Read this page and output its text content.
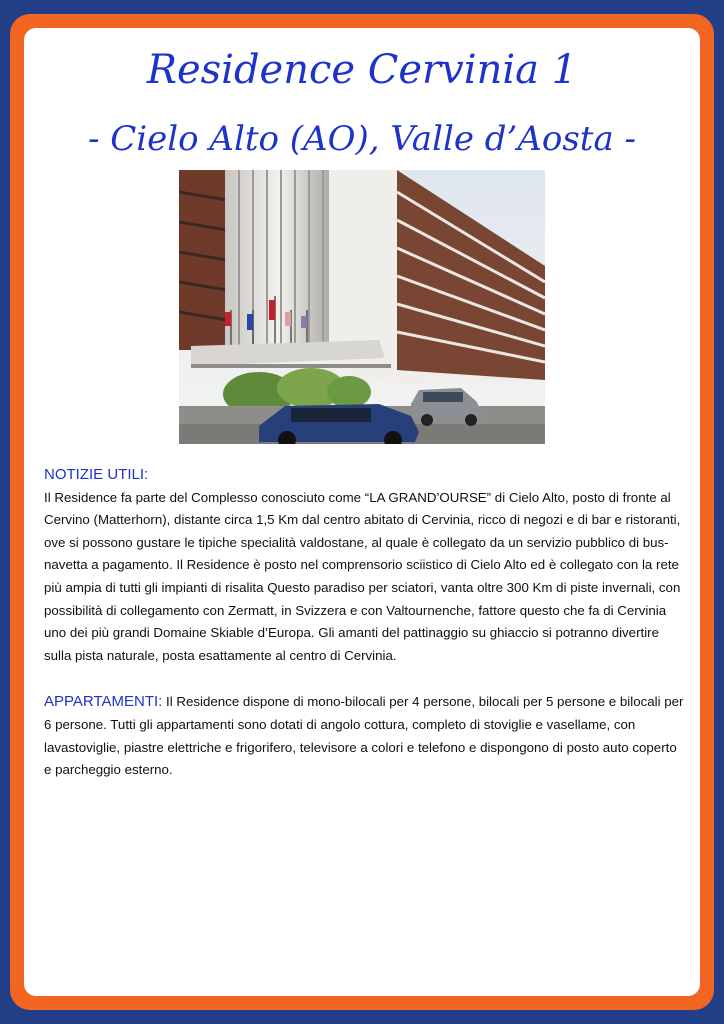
Residence Cervinia 1
- Cielo Alto (AO), Valle d’Aosta -

NOTIZIE UTILI:
Il Residence fa parte del Complesso conosciuto come “LA GRAND’OURSE” di Cielo Alto, posto di fronte al Cervino (Matterhorn), distante circa 1,5 Km dal centro abitato di Cervinia, ricco di negozi e di bar e ristoranti, ove si possono gustare le tipiche specialità valdostane, al quale è collegato da un servizio pubblico di bus-navetta a pagamento. Il Residence è posto nel comprensorio sciistico di Cielo Alto ed è collegato con la rete più ampia di tutti gli impianti di risalita Questo paradiso per sciatori, vanta oltre 300 Km di piste invernali, con possibilità di collegamento con Zermatt, in Svizzera e con Valtournenche, fattore questo che fa di Cervinia uno dei più grandi Domaine Skiable d’Europa. Gli amanti del pattinaggio su ghiaccio si potranno divertire sulla pista naturale, posta esattamente al centro di Cervinia.

APPARTAMENTI: Il Residence dispone di mono-bilocali per 4 persone, bilocali per 5 persone e bilocali per 6 persone. Tutti gli appartamenti sono dotati di angolo cottura, completo di stoviglie e vasellame, con lavastoviglie, piastre elettriche e frigorifero, televisore a colori e telefono e dispongono di posto auto coperto e parcheggio esterno.
